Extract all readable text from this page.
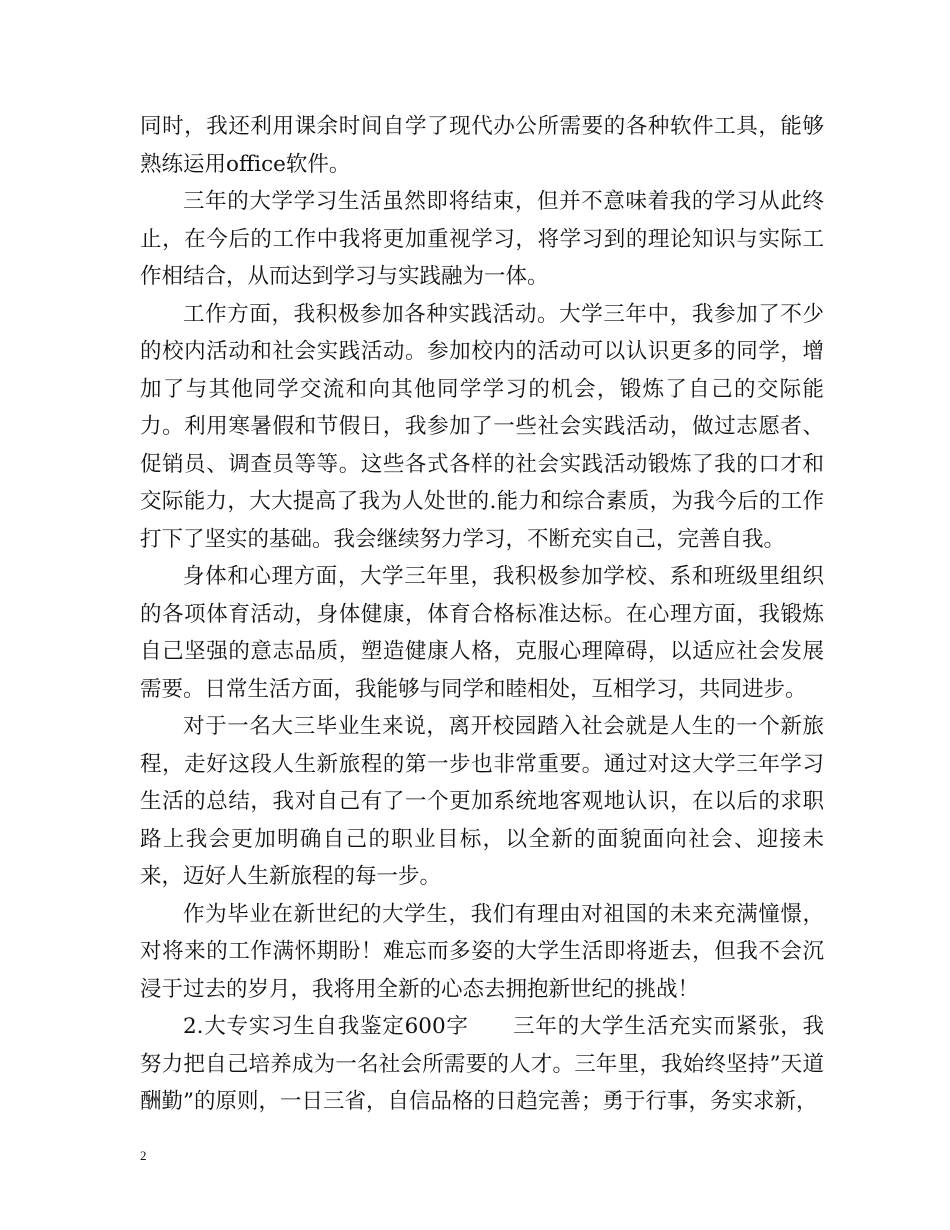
同时，我还利用课余时间自学了现代办公所需要的各种软件工具，能够熟练运用office软件。

三年的大学学习生活虽然即将结束，但并不意味着我的学习从此终止，在今后的工作中我将更加重视学习，将学习到的理论知识与实际工作相结合，从而达到学习与实践融为一体。

工作方面，我积极参加各种实践活动。大学三年中，我参加了不少的校内活动和社会实践活动。参加校内的活动可以认识更多的同学，增加了与其他同学交流和向其他同学学习的机会，锻炼了自己的交际能力。利用寒暑假和节假日，我参加了一些社会实践活动，做过志愿者、促销员、调查员等等。这些各式各样的社会实践活动锻炼了我的口才和交际能力，大大提高了我为人处世的.能力和综合素质，为我今后的工作打下了坚实的基础。我会继续努力学习，不断充实自己，完善自我。

身体和心理方面，大学三年里，我积极参加学校、系和班级里组织的各项体育活动，身体健康，体育合格标准达标。在心理方面，我锻炼自己坚强的意志品质，塑造健康人格，克服心理障碍，以适应社会发展需要。日常生活方面，我能够与同学和睦相处，互相学习，共同进步。

对于一名大三毕业生来说，离开校园踏入社会就是人生的一个新旅程，走好这段人生新旅程的第一步也非常重要。通过对这大学三年学习生活的总结，我对自己有了一个更加系统地客观地认识，在以后的求职路上我会更加明确自己的职业目标，以全新的面貌面向社会、迎接未来，迈好人生新旅程的每一步。

作为毕业在新世纪的大学生，我们有理由对祖国的未来充满憧憬，对将来的工作满怀期盼！难忘而多姿的大学生活即将逝去，但我不会沉浸于过去的岁月，我将用全新的心态去拥抱新世纪的挑战！

2.大专实习生自我鉴定600字　　三年的大学生活充实而紧张，我努力把自己培养成为一名社会所需要的人才。三年里，我始终坚持”天道酬勤”的原则，一日三省，自信品格的日趋完善；勇于行事，务实求新，

2
